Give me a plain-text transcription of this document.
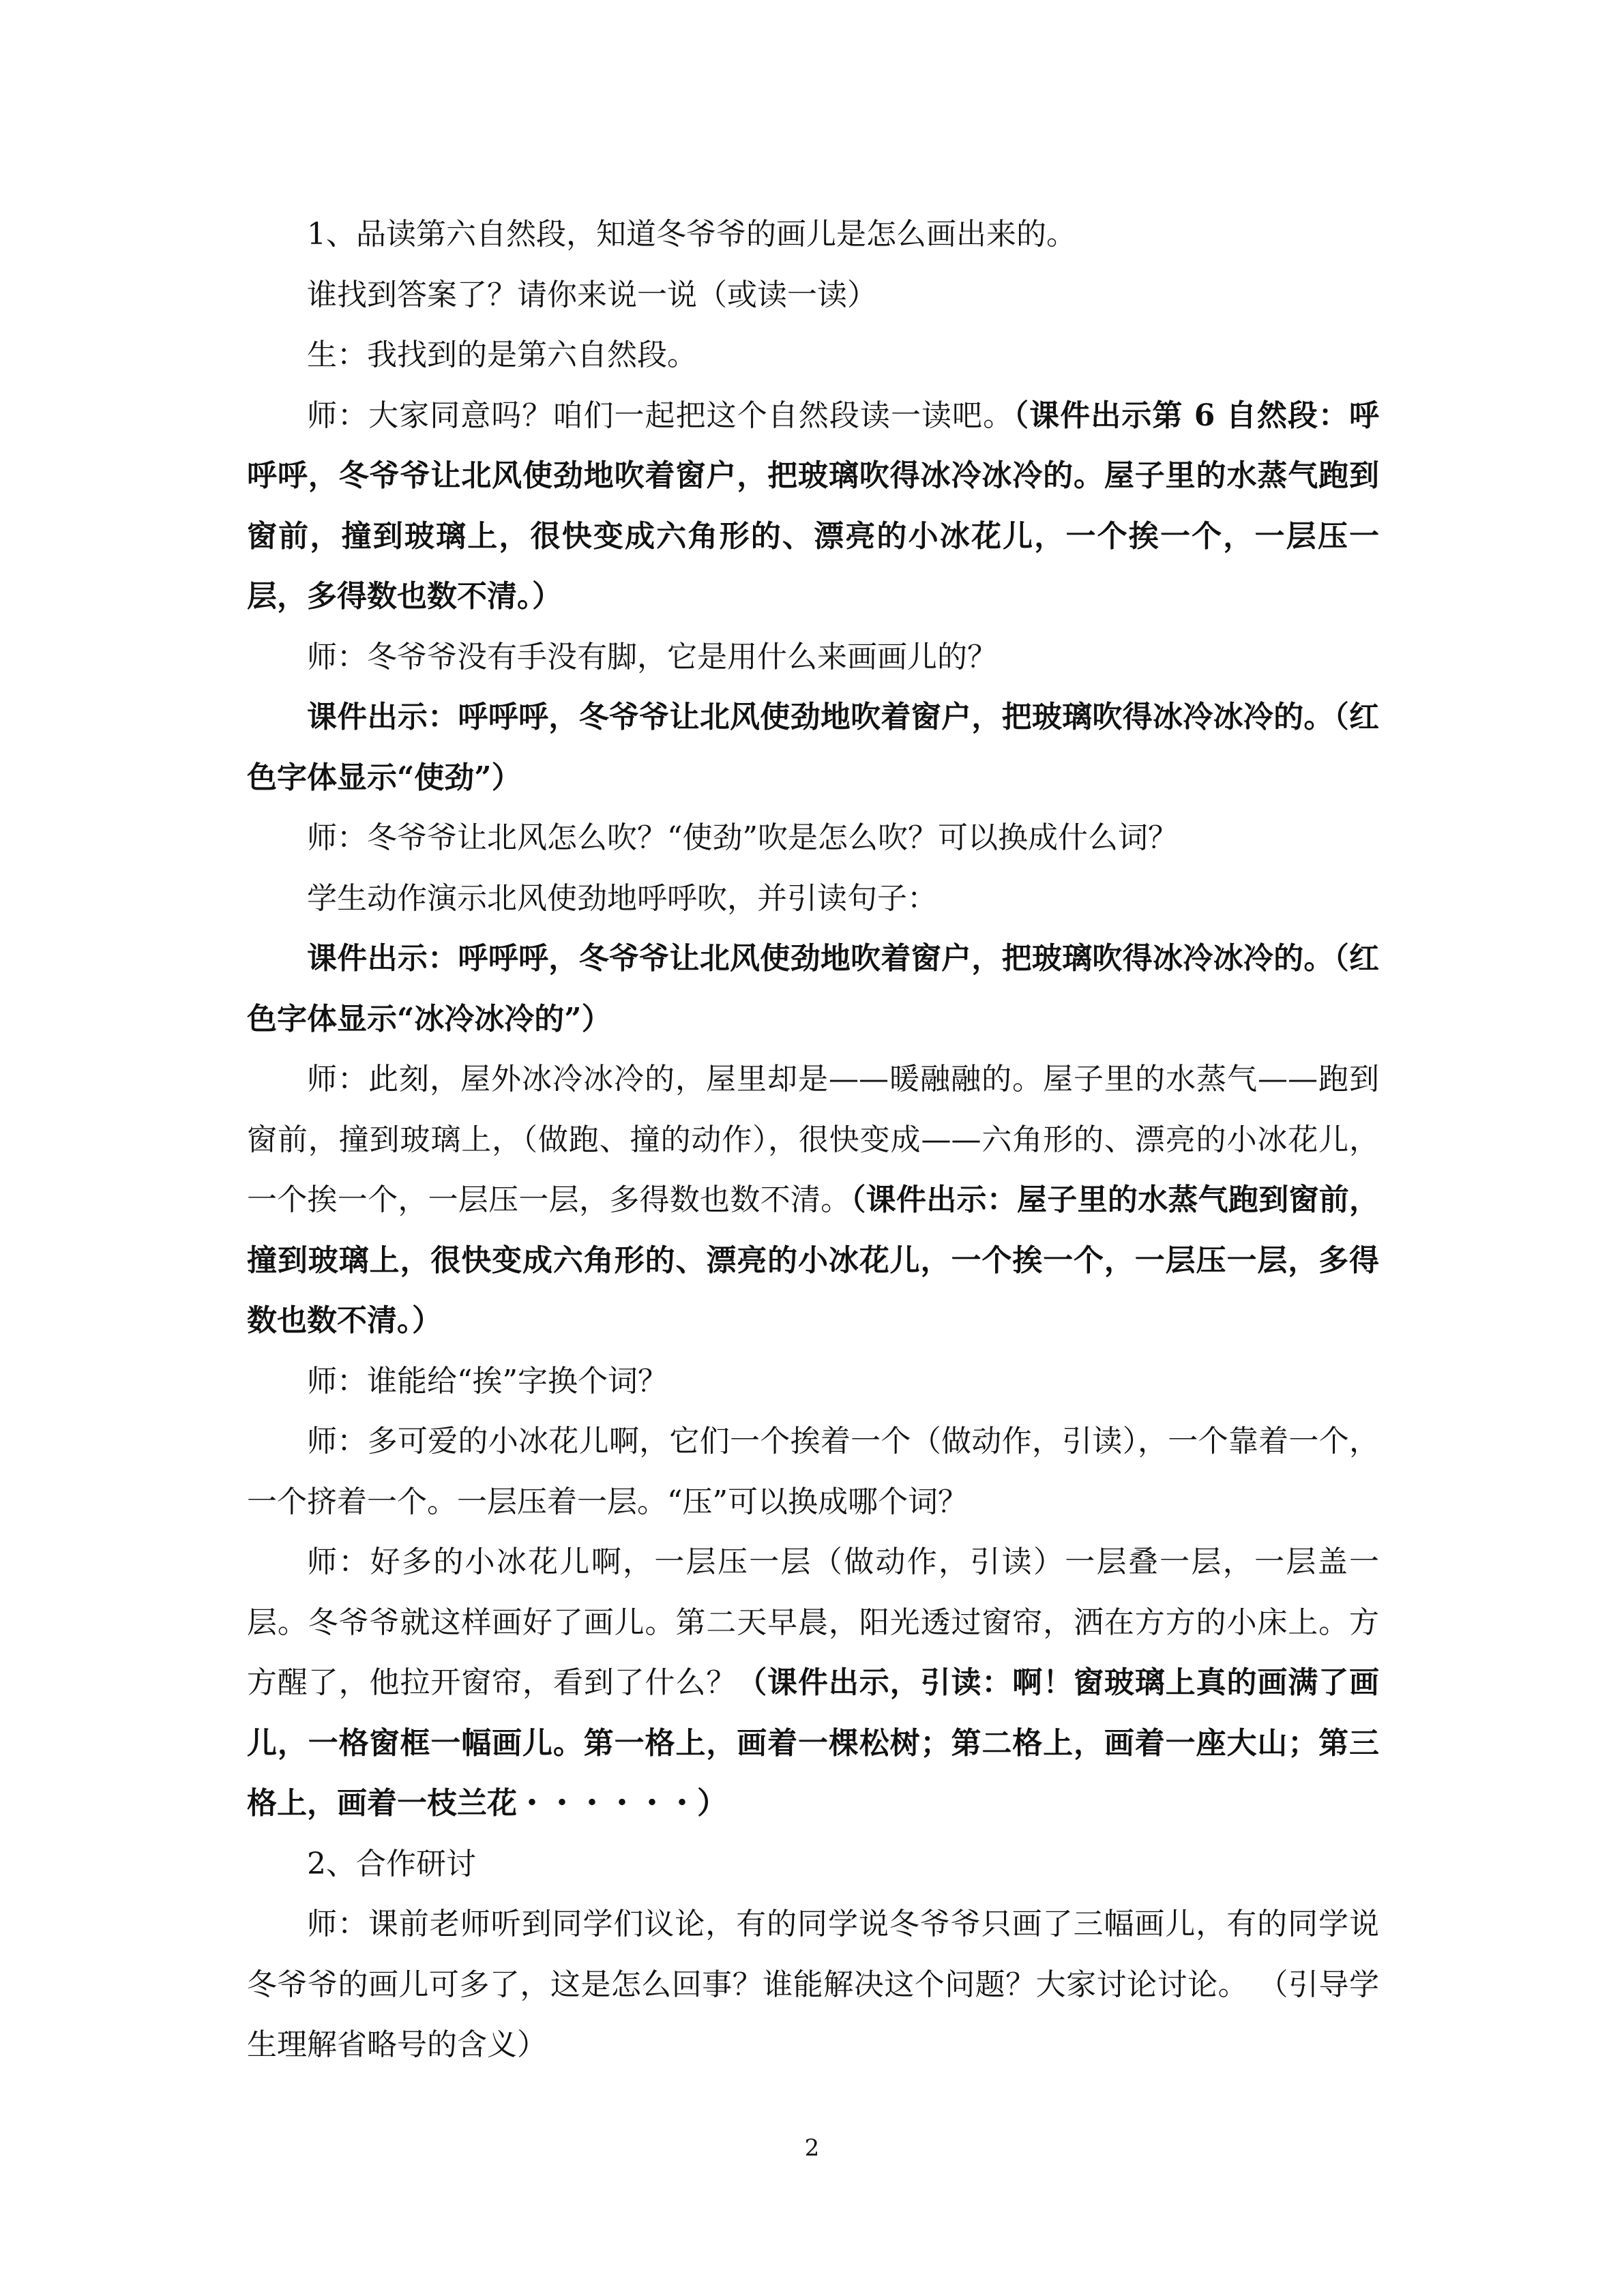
1、品读第六自然段，知道冬爷爷的画儿是怎么画出来的。

谁找到答案了？请你来说一说（或读一读）

生：我找到的是第六自然段。

师：大家同意吗？咱们一起把这个自然段读一读吧。（课件出示第 6 自然段：呼呼呼，冬爷爷让北风使劲地吹着窗户，把玻璃吹得冰冷冰冷的。屋子里的水蒸气跑到窗前，撞到玻璃上，很快变成六角形的、漂亮的小冰花儿，一个挨一个，一层压一层，多得数也数不清。）

师：冬爷爷没有手没有脚，它是用什么来画画儿的？

课件出示：呼呼呼，冬爷爷让北风使劲地吹着窗户，把玻璃吹得冰冷冰冷的。（红色字体显示“使劲”）

师：冬爷爷让北风怎么吹？“使劲”吹是怎么吹？可以换成什么词？

学生动作演示北风使劲地呼呼吹，并引读句子：

课件出示：呼呼呼，冬爷爷让北风使劲地吹着窗户，把玻璃吹得冰冷冰冷的。（红色字体显示“冰冷冰冷的”）

师：此刻，屋外冰冷冰冷的，屋里却是——暖融融的。屋子里的水蒸气——跑到窗前，撞到玻璃上，（做跑、撞的动作），很快变成——六角形的、漂亮的小冰花儿，一个挨一个，一层压一层，多得数也数不清。（课件出示：屋子里的水蒸气跑到窗前，撞到玻璃上，很快变成六角形的、漂亮的小冰花儿，一个挨一个，一层压一层，多得数也数不清。）

师：谁能给“挨”字换个词？

师：多可爱的小冰花儿啊，它们一个挨着一个（做动作，引读），一个靠着一个，一个挤着一个。一层压着一层。“压”可以换成哪个词？

师：好多的小冰花儿啊，一层压一层（做动作，引读）一层叠一层，一层盖一层。冬爷爷就这样画好了画儿。第二天早晨，阳光透过窗帘，洒在方方的小床上。方方醒了，他拉开窗帘，看到了什么？（课件出示，引读：啊！窗玻璃上真的画满了画儿，一格窗框一幅画儿。第一格上，画着一棵松树；第二格上，画着一座大山；第三格上，画着一枝兰花・・・・・・）

2、合作研讨

师：课前老师听到同学们议论，有的同学说冬爷爷只画了三幅画儿，有的同学说冬爷爷的画儿可多了，这是怎么回事？谁能解决这个问题？大家讨论讨论。 （引导学生理解省略号的含义）

2
